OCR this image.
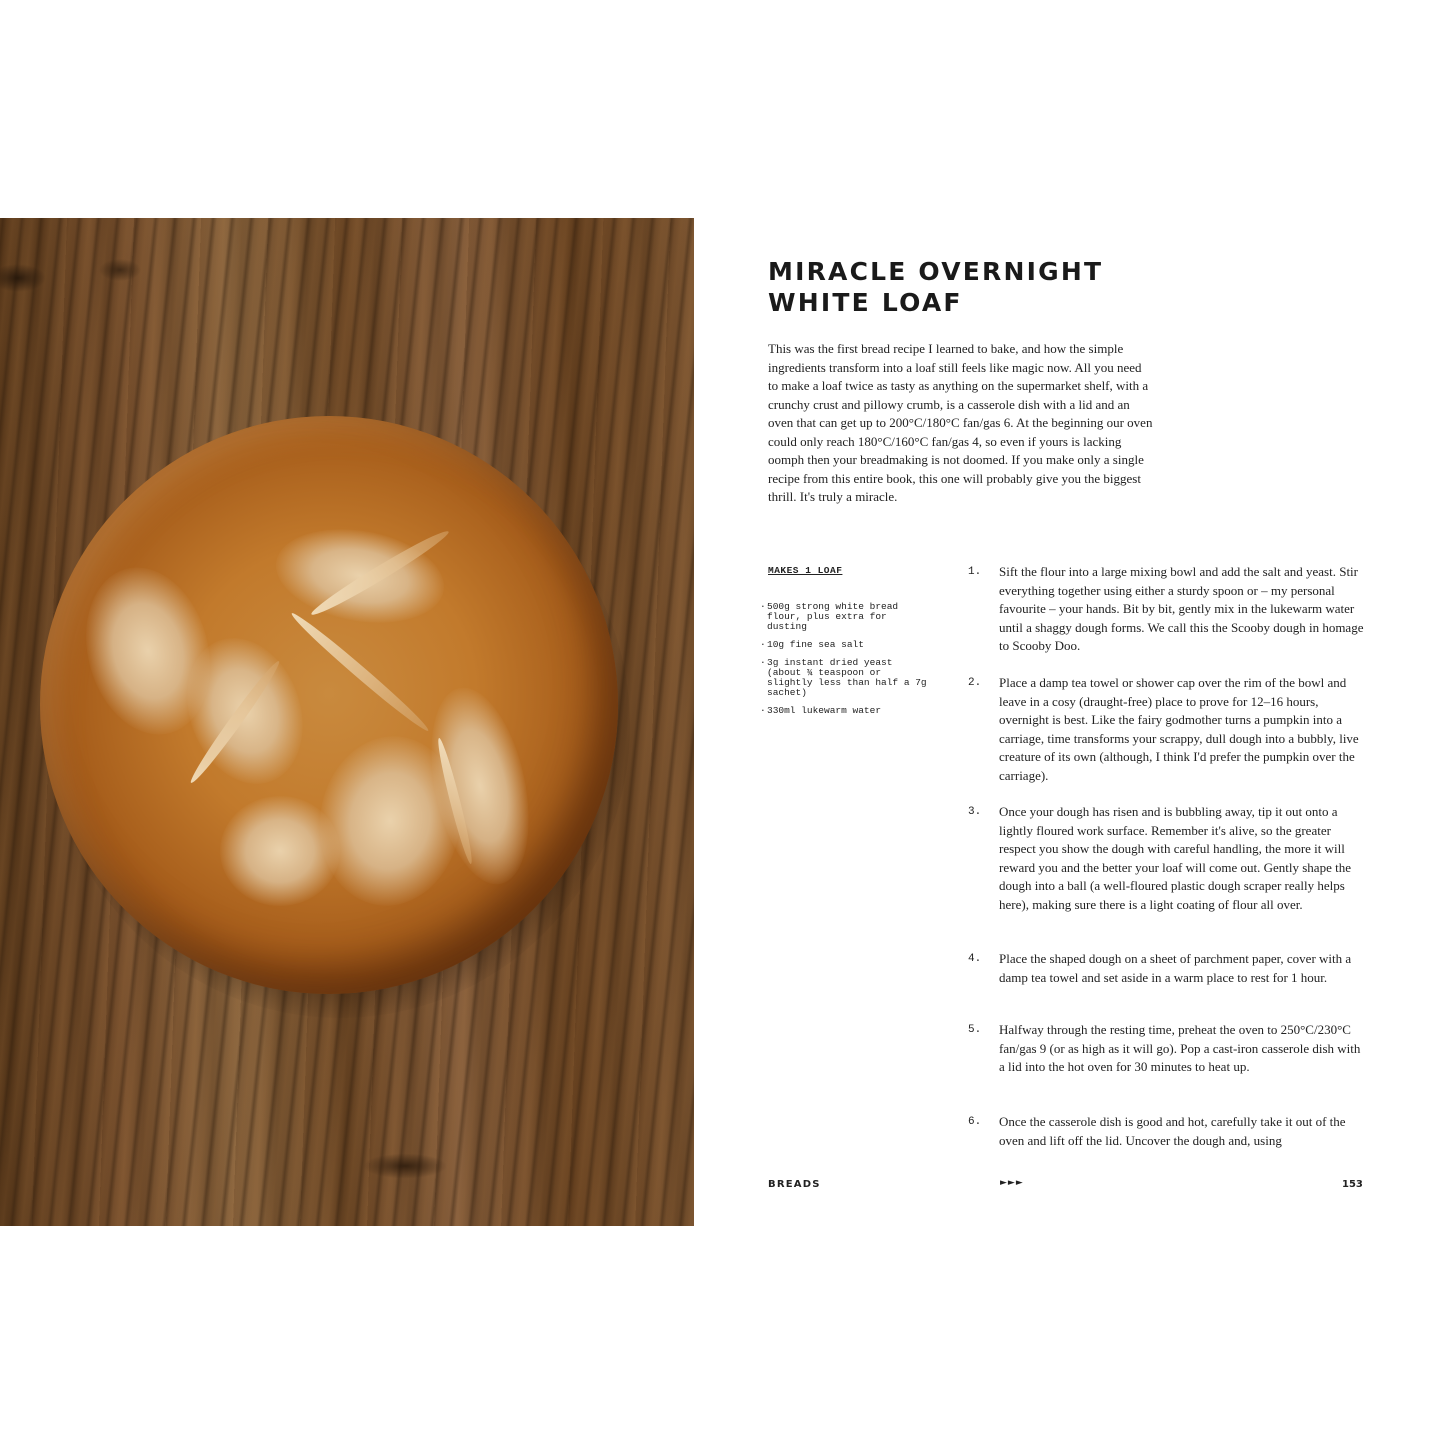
MIRACLE OVERNIGHT
WHITE LOAF

This was the first bread recipe I learned to bake, and how the simple ingredients transform into a loaf still feels like magic now. All you need to make a loaf twice as tasty as anything on the supermarket shelf, with a crunchy crust and pillowy crumb, is a casserole dish with a lid and an oven that can get up to 200°C/180°C fan/gas 6. At the beginning our oven could only reach 180°C/160°C fan/gas 4, so even if yours is lacking oomph then your breadmaking is not doomed. If you make only a single recipe from this entire book, this one will probably give you the biggest thrill. It's truly a miracle.

MAKES 1 LOAF
· 500g strong white bread flour, plus extra for dusting
· 10g fine sea salt
· 3g instant dried yeast (about ¾ teaspoon or slightly less than half a 7g sachet)
· 330ml lukewarm water
1.	Sift the flour into a large mixing bowl and add the salt and yeast. Stir everything together using either a sturdy spoon or – my personal favourite – your hands. Bit by bit, gently mix in the lukewarm water until a shaggy dough forms. We call this the Scooby dough in homage to Scooby Doo.

2.	Place a damp tea towel or shower cap over the rim of the bowl and leave in a cosy (draught-free) place to prove for 12–16 hours, overnight is best. Like the fairy godmother turns a pumpkin into a carriage, time transforms your scrappy, dull dough into a bubbly, live creature of its own (although, I think I'd prefer the pumpkin over the carriage).

3.	Once your dough has risen and is bubbling away, tip it out onto a lightly floured work surface. Remember it's alive, so the greater respect you show the dough with careful handling, the more it will reward you and the better your loaf will come out. Gently shape the dough into a ball (a well-floured plastic dough scraper really helps here), making sure there is a light coating of flour all over.

4.	Place the shaped dough on a sheet of parchment paper, cover with a damp tea towel and set aside in a warm place to rest for 1 hour.

5.	Halfway through the resting time, preheat the oven to 250°C/230°C fan/gas 9 (or as high as it will go). Pop a cast-iron casserole dish with a lid into the hot oven for 30 minutes to heat up.

6.	Once the casserole dish is good and hot, carefully take it out of the oven and lift off the lid. Uncover the dough and, using

BREADS	►►►	153
